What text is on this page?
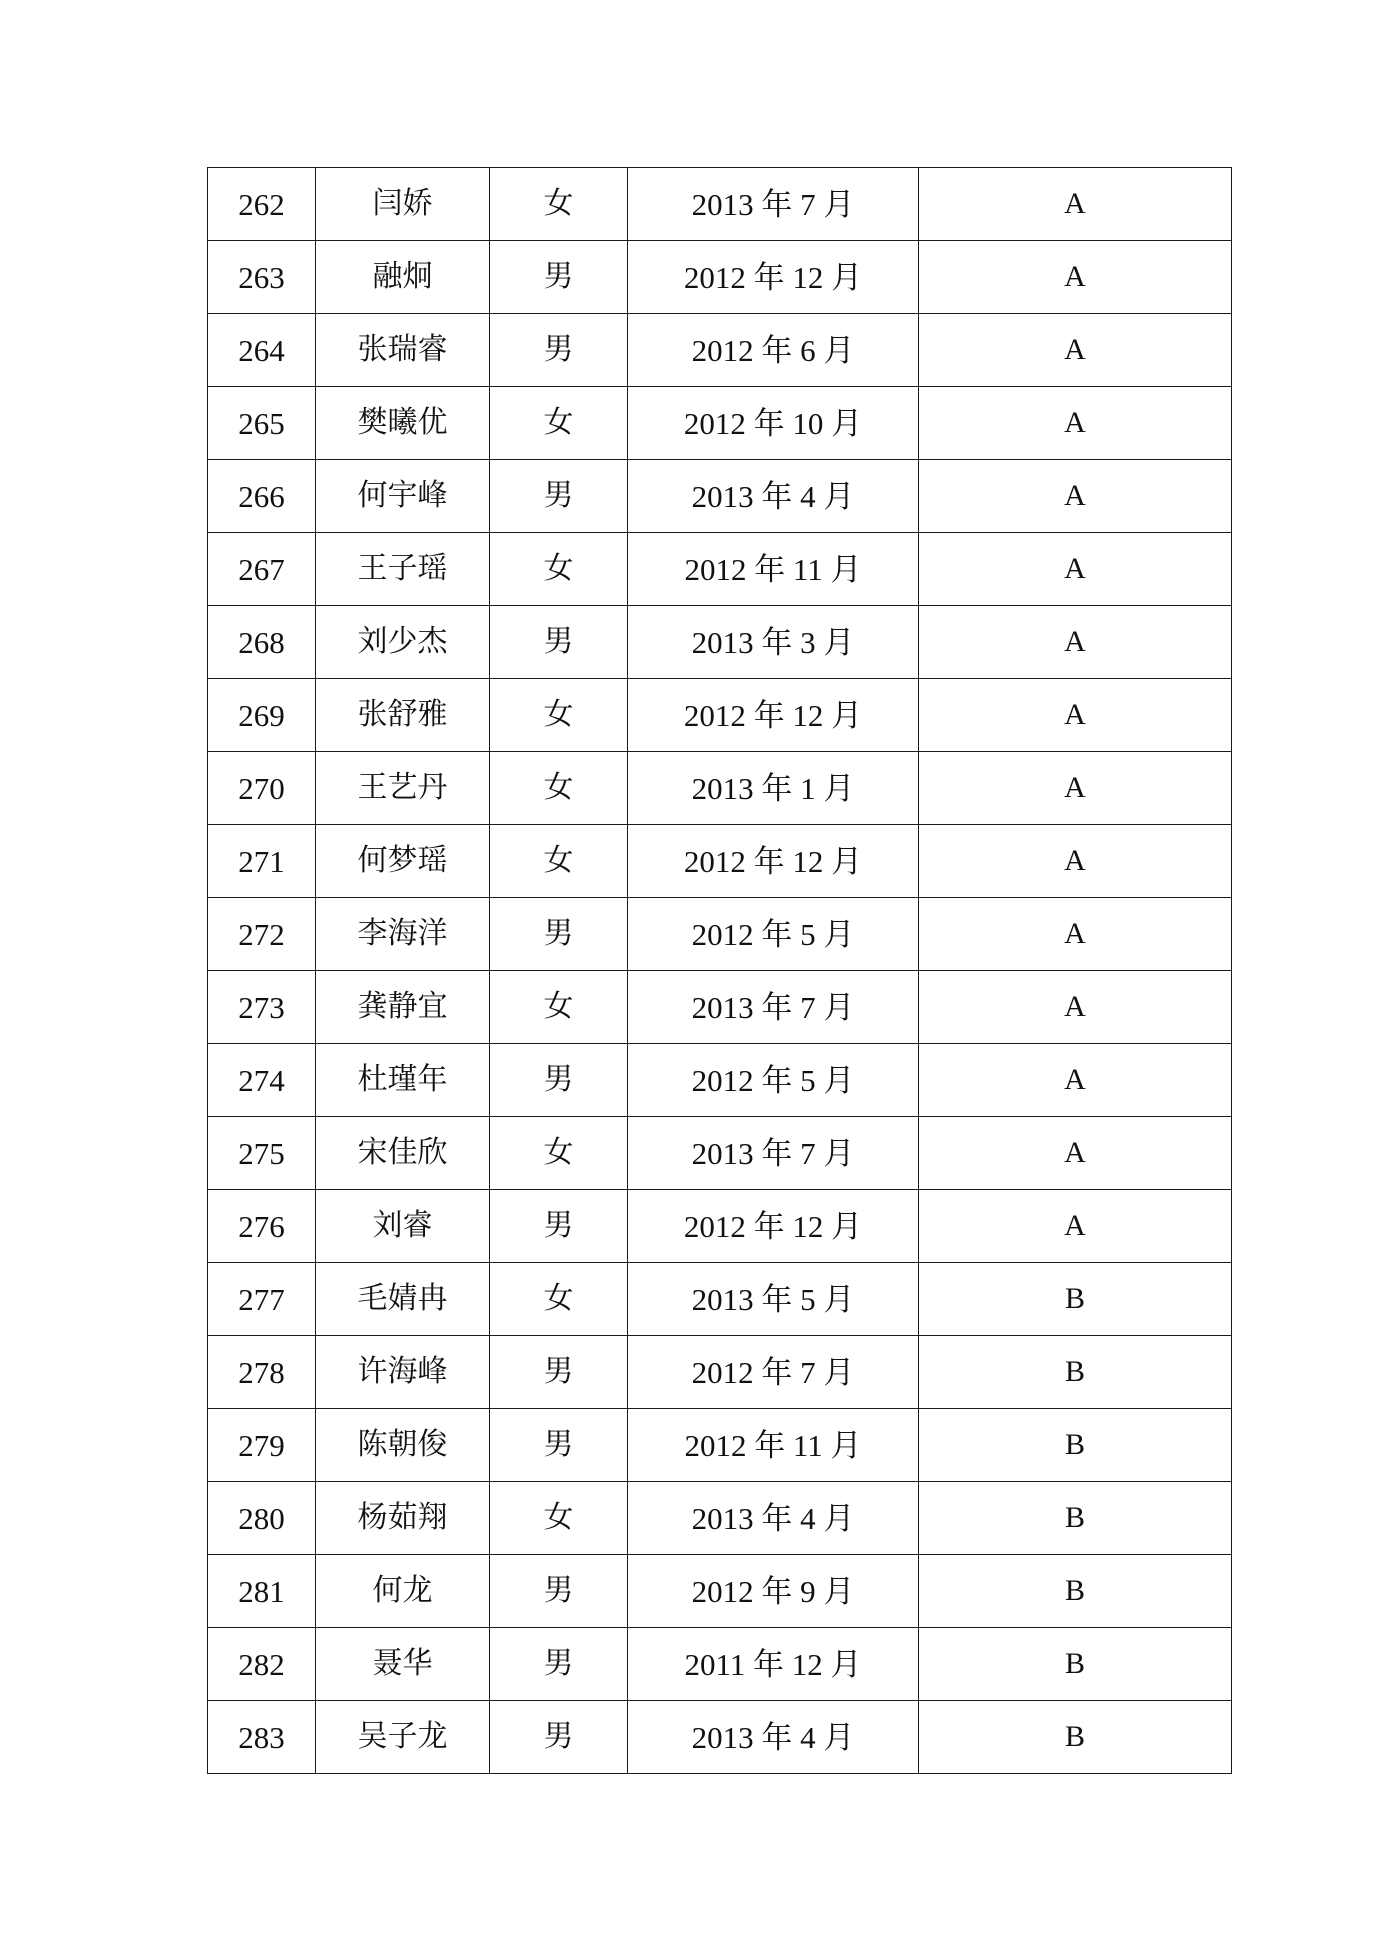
262	闫娇	女	2013 年 7 月	A
263	融炯	男	2012 年 12 月	A
264	张瑞睿	男	2012 年 6 月	A
265	樊曦优	女	2012 年 10 月	A
266	何宇峰	男	2013 年 4 月	A
267	王子瑶	女	2012 年 11 月	A
268	刘少杰	男	2013 年 3 月	A
269	张舒雅	女	2012 年 12 月	A
270	王艺丹	女	2013 年 1 月	A
271	何梦瑶	女	2012 年 12 月	A
272	李海洋	男	2012 年 5 月	A
273	龚静宜	女	2013 年 7 月	A
274	杜瑾年	男	2012 年 5 月	A
275	宋佳欣	女	2013 年 7 月	A
276	刘睿	男	2012 年 12 月	A
277	毛婧冉	女	2013 年 5 月	B
278	许海峰	男	2012 年 7 月	B
279	陈朝俊	男	2012 年 11 月	B
280	杨茹翔	女	2013 年 4 月	B
281	何龙	男	2012 年 9 月	B
282	聂华	男	2011 年 12 月	B
283	吴子龙	男	2013 年 4 月	B
